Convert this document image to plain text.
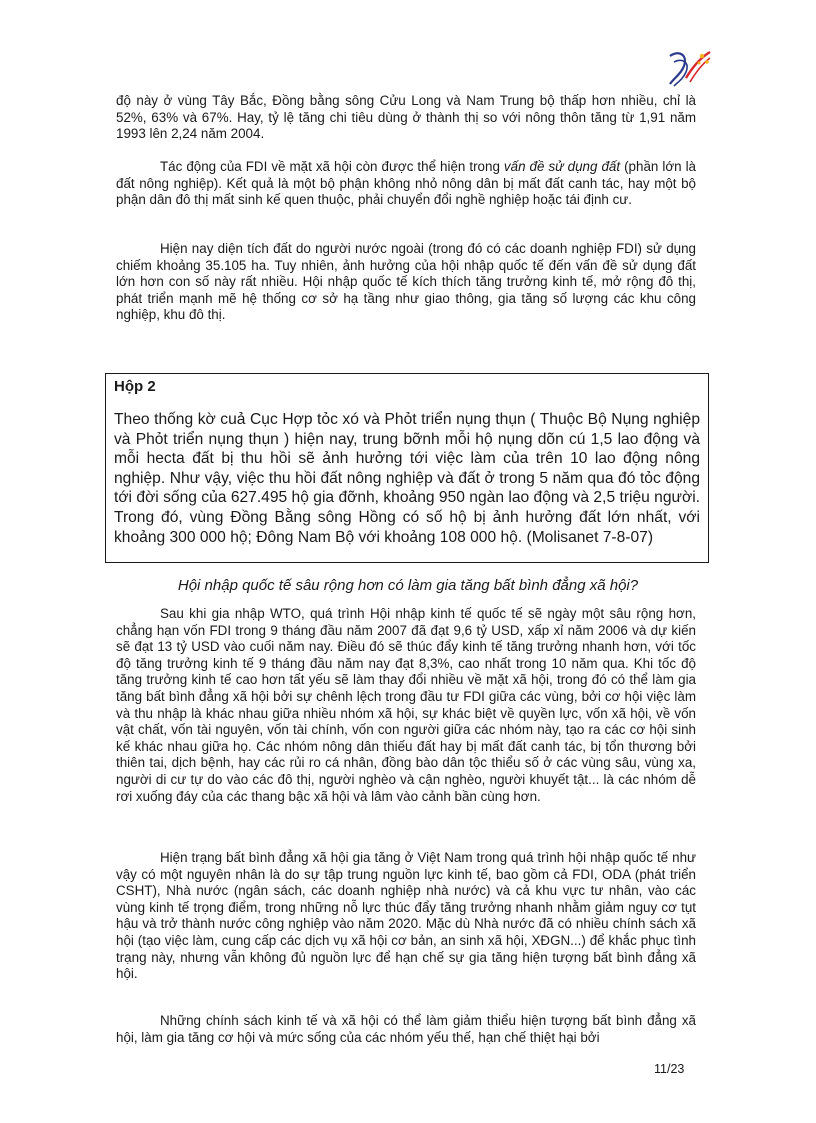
độ này ở vùng Tây Bắc, Đồng bằng sông Cửu Long và Nam Trung bộ thấp hơn nhiều, chỉ là 52%, 63% và 67%. Hay, tỷ lệ tăng chi tiêu dùng ở thành thị so với nông thôn tăng từ 1,91 năm 1993 lên 2,24 năm 2004.

Tác động của FDI về mặt xã hội còn được thể hiện trong vấn đề sử dụng đất (phần lớn là đất nông nghiệp). Kết quả là một bộ phận không nhỏ nông dân bị mất đất canh tác, hay một bộ phận dân đô thị mất sinh kế quen thuộc, phải chuyển đổi nghề nghiệp hoặc tái định cư.

Hiện nay diện tích đất do người nước ngoài (trong đó có các doanh nghiệp FDI) sử dụng chiếm khoảng 35.105 ha. Tuy nhiên, ảnh hưởng của hội nhập quốc tế đến vấn đề sử dụng đất lớn hơn con số này rất nhiều. Hội nhập quốc tế kích thích tăng trưởng kinh tế, mở rộng đô thị, phát triển mạnh mẽ hệ thống cơ sở hạ tầng như giao thông, gia tăng số lượng các khu công nghiệp, khu đô thị.

Hộp 2

Theo thống kờ cuả Cục Hợp tỏc xó và Phỏt triển nụng thụn ( Thuộc Bộ Nụng nghiệp và Phỏt triển nụng thụn ) hiện nay, trung bỡnh mỗi hộ nụng dõn cú 1,5 lao động và mỗi hecta đất bị thu hồi sẽ ảnh hưởng tới việc làm của trên 10 lao động nông nghiệp. Như vậy, việc thu hồi đất nông nghiệp và đất ở trong 5 năm qua đó tỏc động tới đời sống của 627.495 hộ gia đỡnh, khoảng 950 ngàn lao động và 2,5 triệu người. Trong đó, vùng Đồng Bằng sông Hồng có số hộ bị ảnh hưởng đất lớn nhất, với khoảng 300 000 hộ; Đông Nam Bộ với khoảng 108 000 hộ. (Molisanet 7-8-07)

Hội nhập quốc tế sâu rộng hơn có làm gia tăng bất bình đẳng xã hội?

Sau khi gia nhập WTO, quá trình Hội nhập kinh tế quốc tế sẽ ngày một sâu rộng hơn, chẳng hạn vốn FDI trong 9 tháng đầu năm 2007 đã đạt 9,6 tỷ USD, xấp xỉ năm 2006 và dự kiến sẽ đạt 13 tỷ USD vào cuối năm nay. Điều đó sẽ thúc đẩy kinh tế tăng trưởng nhanh hơn, với tốc độ tăng trưởng kinh tế 9 tháng đầu năm nay đạt 8,3%, cao nhất trong 10 năm qua. Khi tốc độ tăng trưởng kinh tế cao hơn tất yếu sẽ làm thay đổi nhiều về mặt xã hội, trong đó có thể làm gia tăng bất bình đẳng xã hội bởi sự chênh lệch trong đầu tư FDI giữa các vùng, bởi cơ hội việc làm và thu nhập là khác nhau giữa nhiều nhóm xã hội, sự khác biệt về quyền lực, vốn xã hội, về vốn vật chất, vốn tài nguyên, vốn tài chính, vốn con người giữa các nhóm này, tạo ra các cơ hội sinh kế khác nhau giữa họ. Các nhóm nông dân thiếu đất hay bị mất đất canh tác, bị tổn thương bởi thiên tai, dịch bệnh, hay các rủi ro cá nhân, đồng bào dân tộc thiểu số ở các vùng sâu, vùng xa, người di cư tự do vào các đô thị, người nghèo và cận nghèo, người khuyết tật... là các nhóm dễ rơi xuống đáy của các thang bậc xã hội và lâm vào cảnh bần cùng hơn.

Hiện trạng bất bình đẳng xã hội gia tăng ở Việt Nam trong quá trình hội nhập quốc tế như vậy có một nguyên nhân là do sự tập trung nguồn lực kinh tế, bao gồm cả FDI, ODA (phát triển CSHT), Nhà nước (ngân sách, các doanh nghiệp nhà nước) và cả khu vực tư nhân, vào các vùng kinh tế trọng điểm, trong những nỗ lực thúc đẩy tăng trưởng nhanh nhằm giảm nguy cơ tụt hậu và trở thành nước công nghiệp vào năm 2020. Mặc dù Nhà nước đã có nhiều chính sách xã hội (tạo việc làm, cung cấp các dịch vụ xã hội cơ bản, an sinh xã hội, XĐGN...) để khắc phục tình trạng này, nhưng vẫn không đủ nguồn lực để hạn chế sự gia tăng hiện tượng bất bình đẳng xã hội.

Những chính sách kinh tế và xã hội có thể làm giảm thiểu hiện tượng bất bình đẳng xã hội, làm gia tăng cơ hội và mức sống của các nhóm yếu thế, hạn chế thiệt hại bởi

11/23
